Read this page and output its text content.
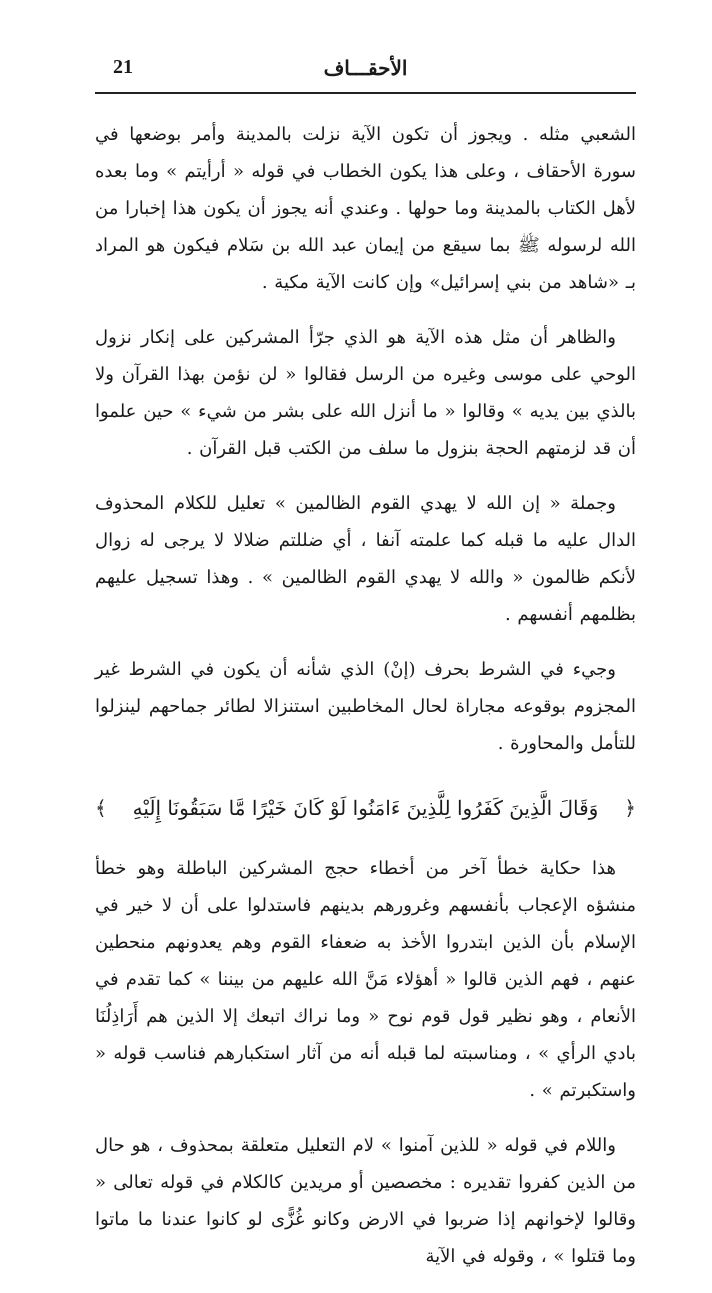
21	الأحقـــاف

الشعبي مثله . ويجوز أن تكون الآية نزلت بالمدينة وأمر بوضعها في سورة الأحقاف ، وعلى هذا يكون الخطاب في قوله « أرأيتم » وما بعده لأهل الكتاب بالمدينة وما حولها . وعندي أنه يجوز أن يكون هذا إخبارا من الله لرسوله ﷺ بما سيقع من إيمان عبد الله بن سَلام فيكون هو المراد بـ «شاهد من بني إسرائيل» وإن كانت الآية مكية .

والظاهر أن مثل هذه الآية هو الذي جرّأ المشركين على إنكار نزول الوحي على موسى وغيره من الرسل فقالوا « لن نؤمن بهذا القرآن ولا بالذي بين يديه » وقالوا « ما أنزل الله على بشر من شيء » حين علموا أن قد لزمتهم الحجة بنزول ما سلف من الكتب قبل القرآن .

وجملة « إن الله لا يهدي القوم الظالمين » تعليل للكلام المحذوف الدال عليه ما قبله كما علمته آنفا ، أي ضللتم ضلالا لا يرجى له زوال لأنكم ظالمون « والله لا يهدي القوم الظالمين » . وهذا تسجيل عليهم بظلمهم أنفسهم .

وجيء في الشرط بحرف (إنْ) الذي شأنه أن يكون في الشرط غير المجزوم بوقوعه مجاراة لحال المخاطبين استنزالا لطائر جماحهم لينزلوا للتأمل والمحاورة .

﴿
وَقَالَ الَّذِينَ كَفَرُوا لِلَّذِينَ ءَامَنُوا لَوْ كَانَ خَيْرًا مَّا سَبَقُونَا إِلَيْهِ
﴾

هذا حكاية خطأ آخر من أخطاء حجج المشركين الباطلة وهو خطأ منشؤه الإعجاب بأنفسهم وغرورهم بدينهم فاستدلوا على أن لا خير في الإسلام بأن الذين ابتدروا الأخذ به ضعفاء القوم وهم يعدونهم منحطين عنهم ، فهم الذين قالوا « أهؤلاء مَنَّ الله عليهم من بيننا » كما تقدم في الأنعام ، وهو نظير قول قوم نوح « وما نراك اتبعك إلا الذين هم أَرَاذِلُنَا بادي الرأي » ، ومناسبته لما قبله أنه من آثار استكبارهم فناسب قوله « واستكبرتم » .

واللام في قوله « للذين آمنوا » لام التعليل متعلقة بمحذوف ، هو حال من الذين كفروا تقديره : مخصصين أو مريدين كالكلام في قوله تعالى « وقالوا لإخوانهم إذا ضربوا في الارض وكانو غُزًّى لو كانوا عندنا ما ماتوا وما قتلوا » ، وقوله في الآية
